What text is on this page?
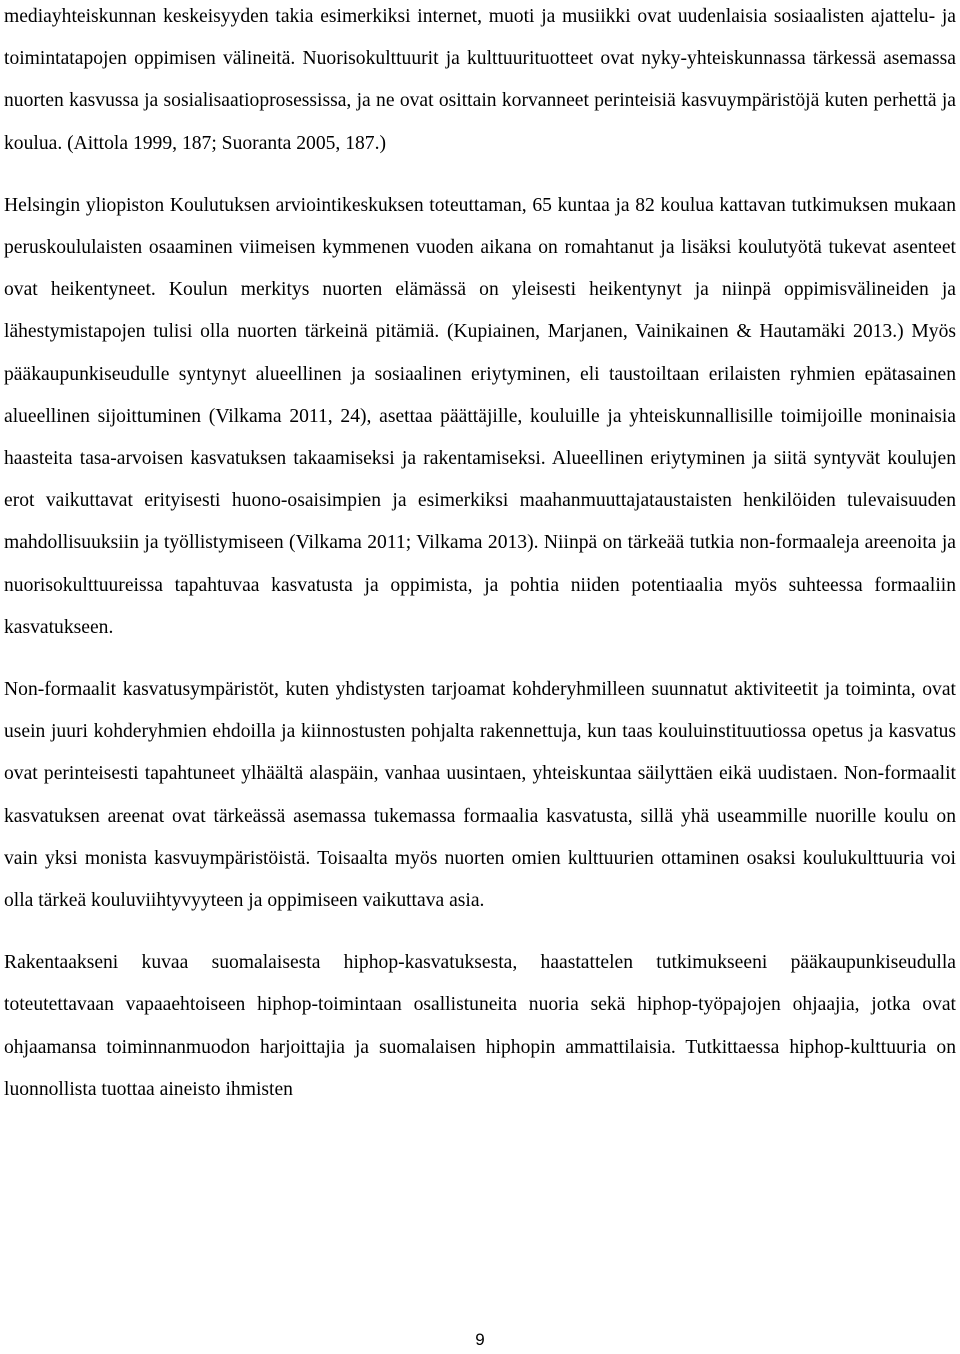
mediayhteiskunnan keskeisyyden takia esimerkiksi internet, muoti ja musiikki ovat uudenlaisia sosiaalisten ajattelu- ja toimintatapojen oppimisen välineitä. Nuorisokulttuurit ja kulttuurituotteet ovat nyky-yhteiskunnassa tärkessä asemassa nuorten kasvussa ja sosialisaatioprosessissa, ja ne ovat osittain korvanneet perinteisiä kasvuympäristöjä kuten perhettä ja koulua. (Aittola 1999, 187; Suoranta 2005, 187.)

Helsingin yliopiston Koulutuksen arviointikeskuksen toteuttaman, 65 kuntaa ja 82 koulua kattavan tutkimuksen mukaan peruskoululaisten osaaminen viimeisen kymmenen vuoden aikana on romahtanut ja lisäksi koulutyötä tukevat asenteet ovat heikentyneet. Koulun merkitys nuorten elämässä on yleisesti heikentynyt ja niinpä oppimisvälineiden ja lähestymistapojen tulisi olla nuorten tärkeinä pitämiä. (Kupiainen, Marjanen, Vainikainen & Hautamäki 2013.) Myös pääkaupunkiseudulle syntynyt alueellinen ja sosiaalinen eriytyminen, eli taustoiltaan erilaisten ryhmien epätasainen alueellinen sijoittuminen (Vilkama 2011, 24), asettaa päättäjille, kouluille ja yhteiskunnallisille toimijoille moninaisia haasteita tasa-arvoisen kasvatuksen takaamiseksi ja rakentamiseksi. Alueellinen eriytyminen ja siitä syntyvät koulujen erot vaikuttavat erityisesti huono-osaisimpien ja esimerkiksi maahanmuuttajataustaisten henkilöiden tulevaisuuden mahdollisuuksiin ja työllistymiseen (Vilkama 2011; Vilkama 2013). Niinpä on tärkeää tutkia non-formaaleja areenoita ja nuorisokulttuureissa tapahtuvaa kasvatusta ja oppimista, ja pohtia niiden potentiaalia myös suhteessa formaaliin kasvatukseen.

Non-formaalit kasvatusympäristöt, kuten yhdistysten tarjoamat kohderyhmilleen suunnatut aktiviteetit ja toiminta, ovat usein juuri kohderyhmien ehdoilla ja kiinnostusten pohjalta rakennettuja, kun taas kouluinstituutiossa opetus ja kasvatus ovat perinteisesti tapahtuneet ylhäältä alaspäin, vanhaa uusintaen, yhteiskuntaa säilyttäen eikä uudistaen. Non-formaalit kasvatuksen areenat ovat tärkeässä asemassa tukemassa formaalia kasvatusta, sillä yhä useammille nuorille koulu on vain yksi monista kasvuympäristöistä. Toisaalta myös nuorten omien kulttuurien ottaminen osaksi koulukulttuuria voi olla tärkeä kouluviihtyvyyteen ja oppimiseen vaikuttava asia.

Rakentaakseni kuvaa suomalaisesta hiphop-kasvatuksesta, haastattelen tutkimukseeni pääkaupunkiseudulla toteutettavaan vapaaehtoiseen hiphop-toimintaan osallistuneita nuoria sekä hiphop-työpajojen ohjaajia, jotka ovat ohjaamansa toiminnanmuodon harjoittajia ja suomalaisen hiphopin ammattilaisia. Tutkittaessa hiphop-kulttuuria on luonnollista tuottaa aineisto ihmisten

9
